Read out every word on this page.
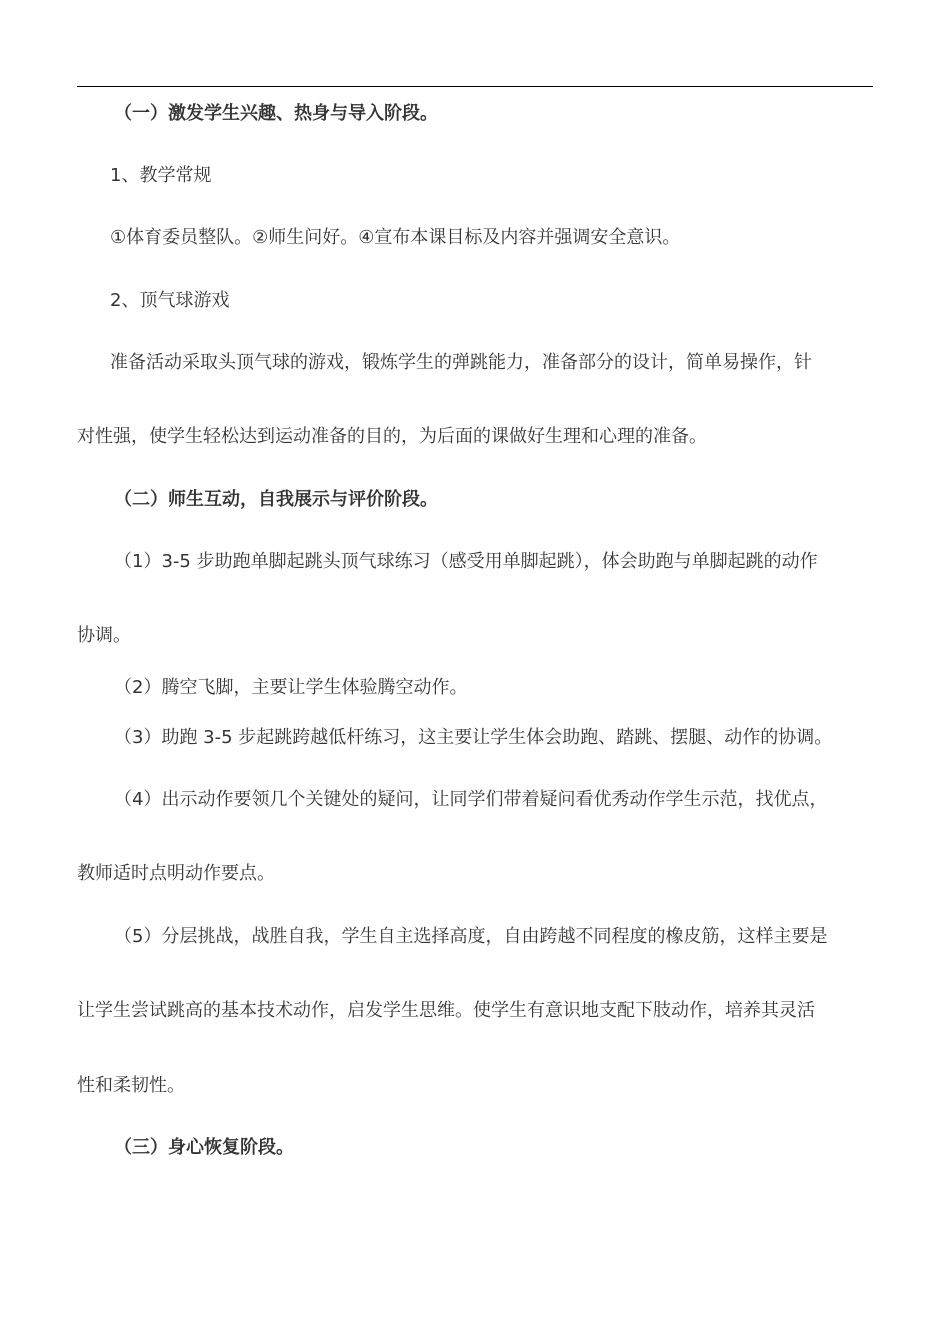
（一）激发学生兴趣、热身与导入阶段。

1、教学常规

①体育委员整队。②师生问好。④宣布本课目标及内容并强调安全意识。

2、顶气球游戏

准备活动采取头顶气球的游戏，锻炼学生的弹跳能力，准备部分的设计，简单易操作，针

对性强，使学生轻松达到运动准备的目的，为后面的课做好生理和心理的准备。

（二）师生互动，自我展示与评价阶段。

（1）3-5 步助跑单脚起跳头顶气球练习（感受用单脚起跳），体会助跑与单脚起跳的动作

协调。

（2）腾空飞脚，主要让学生体验腾空动作。

（3）助跑 3-5 步起跳跨越低杆练习，这主要让学生体会助跑、踏跳、摆腿、动作的协调。

（4）出示动作要领几个关键处的疑问，让同学们带着疑问看优秀动作学生示范，找优点，

教师适时点明动作要点。

（5）分层挑战，战胜自我，学生自主选择高度，自由跨越不同程度的橡皮筋，这样主要是

让学生尝试跳高的基本技术动作，启发学生思维。使学生有意识地支配下肢动作，培养其灵活

性和柔韧性。

（三）身心恢复阶段。
